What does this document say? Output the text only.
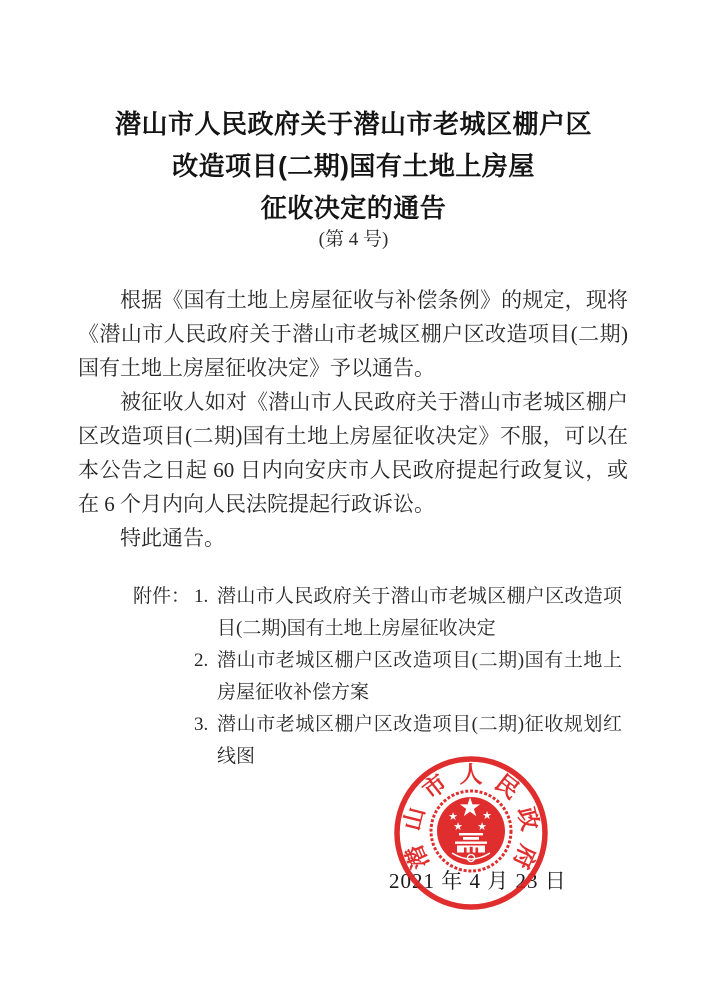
潜山市人民政府关于潜山市老城区棚户区
改造项目(二期)国有土地上房屋
征收决定的通告
(第 4 号)

根据《国有土地上房屋征收与补偿条例》的规定，现将《潜山市人民政府关于潜山市老城区棚户区改造项目(二期)国有土地上房屋征收决定》予以通告。

被征收人如对《潜山市人民政府关于潜山市老城区棚户区改造项目(二期)国有土地上房屋征收决定》不服，可以在本公告之日起 60 日内向安庆市人民政府提起行政复议，或在 6 个月内向人民法院提起行政诉讼。

特此通告。

附件： 1. 潜山市人民政府关于潜山市老城区棚户区改造项目(二期)国有土地上房屋征收决定
2. 潜山市老城区棚户区改造项目(二期)国有土地上房屋征收补偿方案
3. 潜山市老城区棚户区改造项目(二期)征收规划红线图
2021 年 4 月 23 日
潜
山
市 人 民
政
府
★
★
★
★
★
